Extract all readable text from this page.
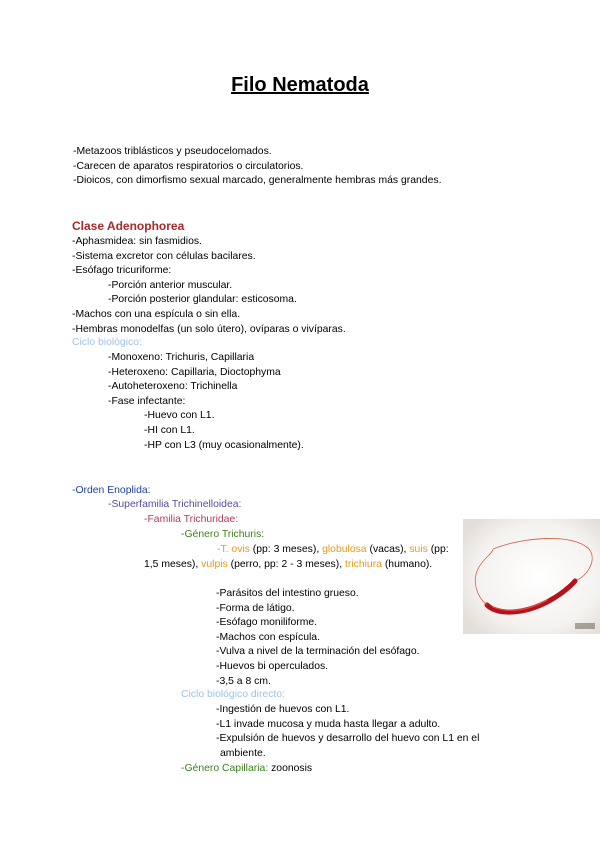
Filo Nematoda
-Metazoos triblásticos y pseudocelomados.
-Carecen de aparatos respiratorios o circulatorios.
-Dioicos, con dimorfismo sexual marcado, generalmente hembras más grandes.
Clase Adenophorea
-Aphasmidea: sin fasmidios.
-Sistema excretor con células bacilares.
-Esófago tricuriforme:
-Porción anterior muscular.
-Porción posterior glandular: esticosoma.
-Machos con una espícula o sin ella.
-Hembras monodelfas (un solo útero), ovíparas o vivíparas.
Ciclo biológico:
-Monoxeno: Trichuris, Capillaria
-Heteroxeno: Capillaria, Dioctophyma
-Autoheteroxeno: Trichinella
-Fase infectante:
-Huevo con L1.
-HI con L1.
-HP con L3 (muy ocasionalmente).
-Orden Enoplida:
-Superfamilia Trichinelloidea:
-Familia Trichuridae:
-Género Trichuris:
-T. ovis (pp: 3 meses), globulosa (vacas), suis (pp: 1,5 meses), vulpis (perro, pp: 2 - 3 meses), trichiura (humano).
-Parásitos del intestino grueso.
-Forma de látigo.
-Esófago moniliforme.
-Machos con espícula.
-Vulva a nivel de la terminación del esófago.
-Huevos bi operculados.
-3,5 a 8 cm.
Ciclo biológico directo:
-Ingestión de huevos con L1.
-L1 invade mucosa y muda hasta llegar a adulto.
-Expulsión de huevos y desarrollo del huevo con L1 en el
ambiente.
-Género Capillaria: zoonosis
